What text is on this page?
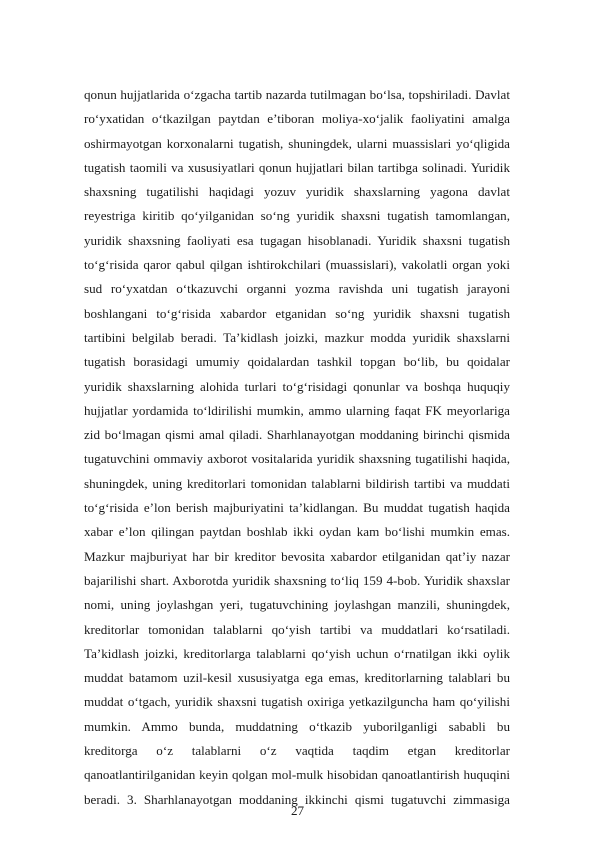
qonun hujjatlarida o‘zgacha tartib nazarda tutilmagan bo‘lsa, topshiriladi. Davlat
ro‘yxatidan o‘tkazilgan paytdan e’tiboran moliya-xo‘jalik faoliyatini amalga
oshirmayotgan korxonalarni tugatish, shuningdek, ularni muassislari yo‘qligida
tugatish taomili va xususiyatlari qonun hujjatlari bilan tartibga solinadi. Yuridik
shaxsning tugatilishi haqidagi yozuv yuridik shaxslarning yagona davlat
reyestriga kiritib qo‘yilganidan so‘ng yuridik shaxsni tugatish tamomlangan,
yuridik shaxsning faoliyati esa tugagan hisoblanadi. Yuridik shaxsni tugatish
to‘g‘risida qaror qabul qilgan ishtirokchilari (muassislari), vakolatli organ yoki
sud ro‘yxatdan o‘tkazuvchi organni yozma ravishda uni tugatish jarayoni
boshlangani to‘g‘risida xabardor etganidan so‘ng yuridik shaxsni tugatish
tartibini belgilab beradi. Ta’kidlash joizki, mazkur modda yuridik shaxslarni
tugatish borasidagi umumiy qoidalardan tashkil topgan bo‘lib, bu qoidalar
yuridik shaxslarning alohida turlari to‘g‘risidagi qonunlar va boshqa huquqiy
hujjatlar yordamida to‘ldirilishi mumkin, ammo ularning faqat FK meyorlariga
zid bo‘lmagan qismi amal qiladi. Sharhlanayotgan moddaning birinchi qismida
tugatuvchini ommaviy axborot vositalarida yuridik shaxsning tugatilishi haqida,
shuningdek, uning kreditorlari tomonidan talablarni bildirish tartibi va muddati
to‘g‘risida e’lon berish majburiyatini ta’kidlangan. Bu muddat tugatish haqida
xabar e’lon qilingan paytdan boshlab ikki oydan kam bo‘lishi mumkin emas.
Mazkur majburiyat har bir kreditor bevosita xabardor etilganidan qat’iy nazar
bajarilishi shart. Axborotda yuridik shaxsning to‘liq 159 4-bob. Yuridik shaxslar
nomi, uning joylashgan yeri, tugatuvchining joylashgan manzili, shuningdek,
kreditorlar tomonidan talablarni qo‘yish tartibi va muddatlari ko‘rsatiladi.
Ta’kidlash joizki, kreditorlarga talablarni qo‘yish uchun o‘rnatilgan ikki oylik
muddat batamom uzil-kesil xususiyatga ega emas, kreditorlarning talablari bu
muddat o‘tgach, yuridik shaxsni tugatish oxiriga yetkazilguncha ham qo‘yilishi
mumkin. Ammo bunda, muddatning o‘tkazib yuborilganligi sababli bu
kreditorga o‘z talablarni o‘z vaqtida taqdim etgan kreditorlar
qanoatlantirilganidan keyin qolgan mol-mulk hisobidan qanoatlantirish huquqini
beradi. 3. Sharhlanayotgan moddaning ikkinchi qismi tugatuvchi zimmasiga
27
